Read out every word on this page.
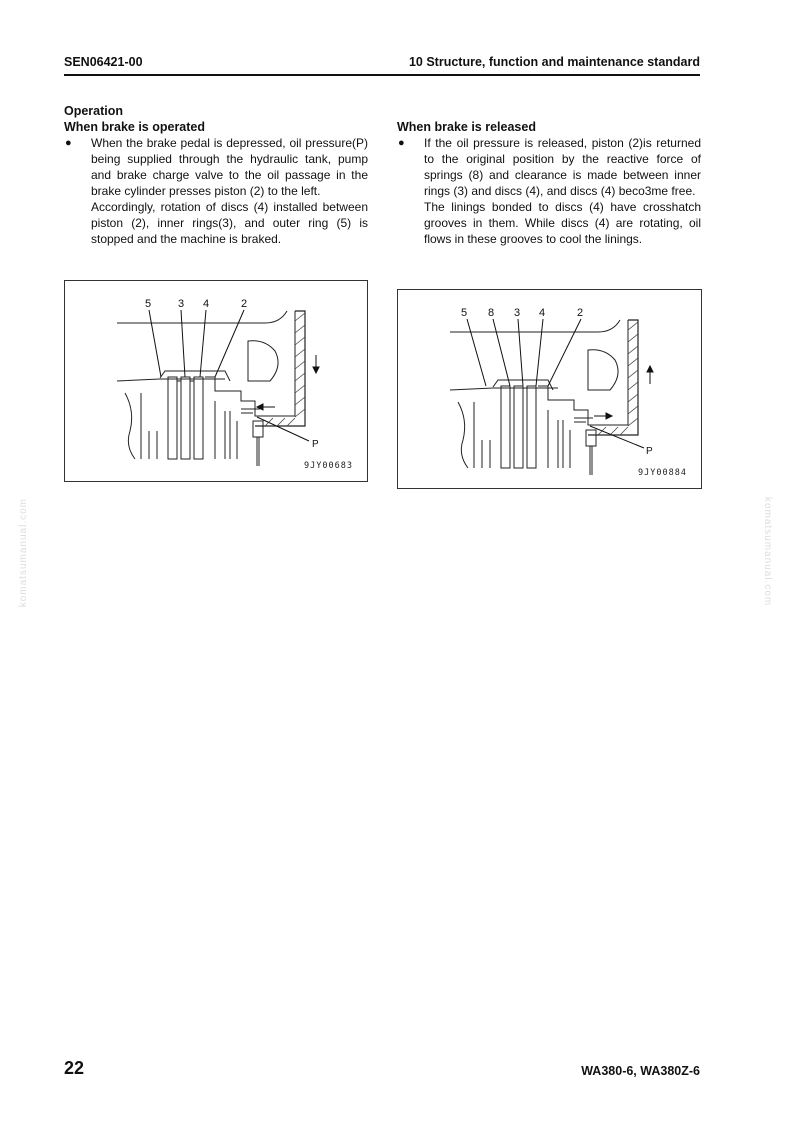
SEN06421-00	10 Structure, function and maintenance standard
Operation
When brake is operated
● When the brake pedal is depressed, oil pressure(P) being supplied through the hydraulic tank, pump and brake charge valve to the oil passage in the brake cylinder presses piston (2) to the left.

Accordingly, rotation of discs (4) installed between piston (2), inner rings(3), and outer ring (5) is stopped and the machine is braked.

When brake is released
● If the oil pressure is released, piston (2)is returned to the original position by the reactive force of springs (8) and clearance is made between inner rings (3) and discs (4), and discs (4) beco3me free.

The linings bonded to discs (4) have crosshatch grooves in them. While discs (4) are rotating, oil flows in these grooves to cool the linings.

5 3 4	2
P
9JY00683
5 8 3 4	2
P
9JY00884
komatsumanual.com	komatsumanual.com
22	WA380-6, WA380Z-6
